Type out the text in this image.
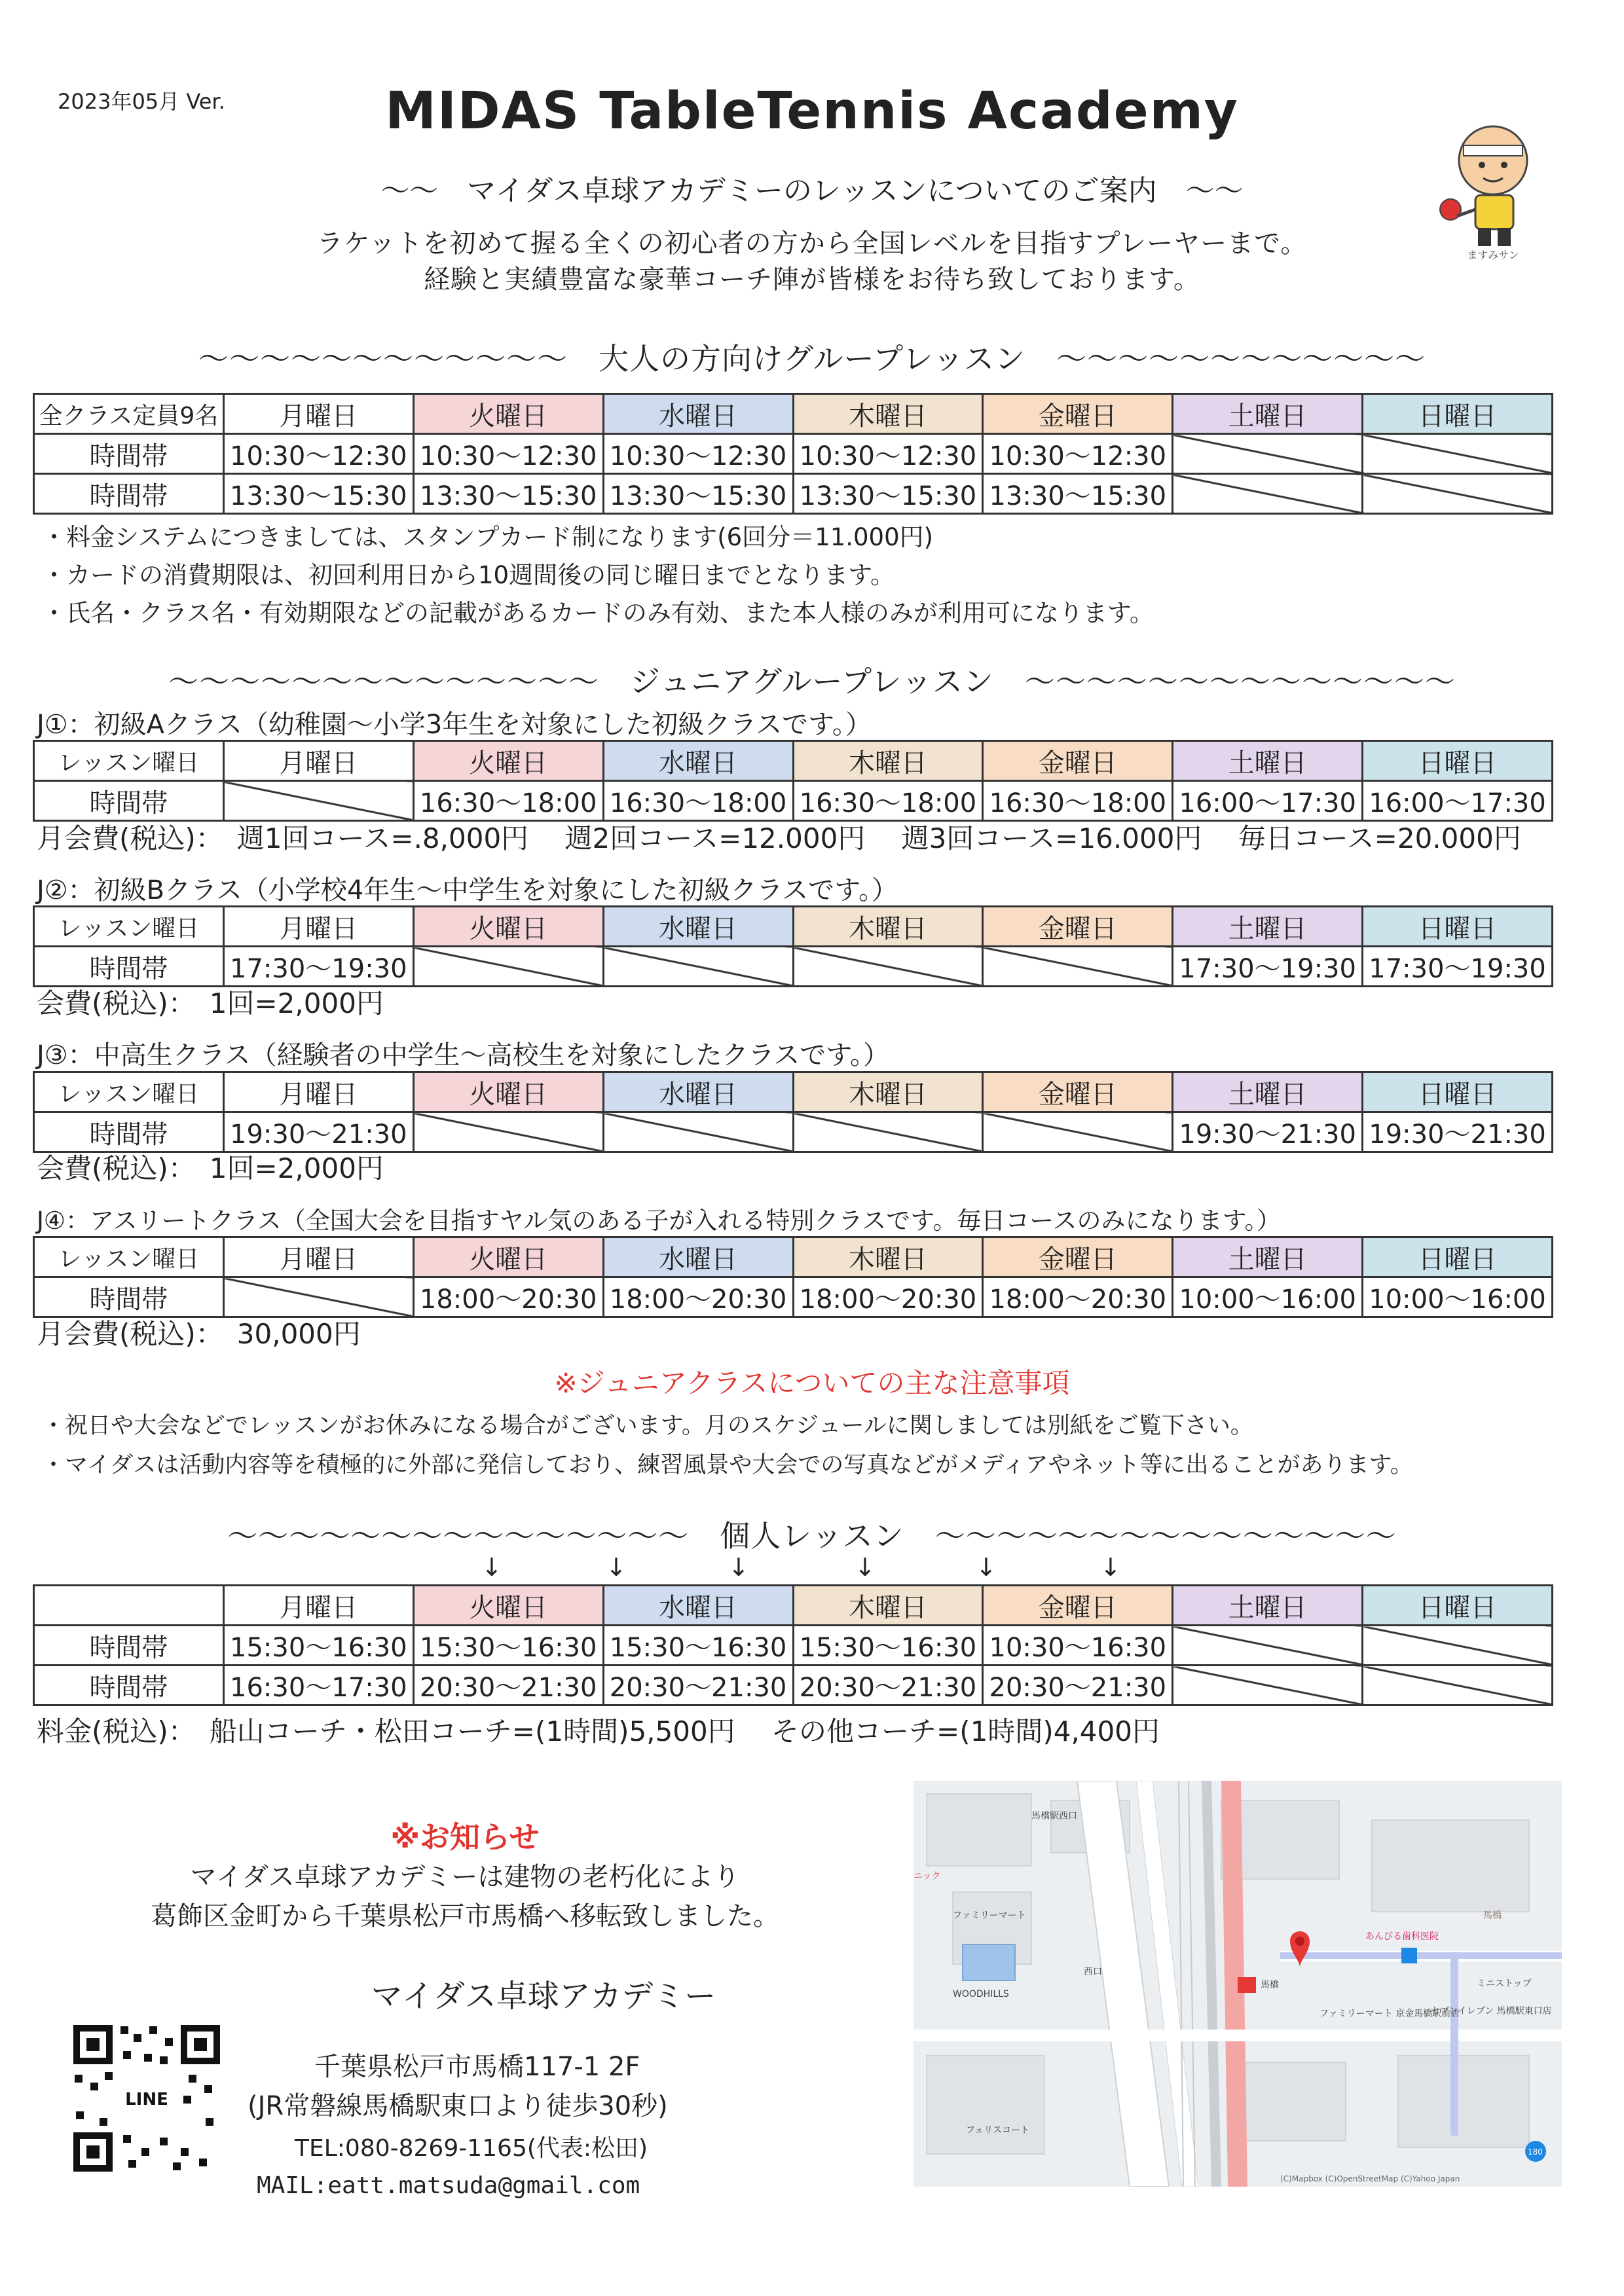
2023年05月 Ver.	MIDAS TableTennis Academy
～～　マイダス卓球アカデミーのレッスンについてのご案内　～～
ラケットを初めて握る全くの初心者の方から全国レベルを目指すプレーヤーまで。
経験と実績豊富な豪華コーチ陣が皆様をお待ち致しております。
ますみサン
～～～～～～～～～～～～　大人の方向けグループレッスン　～～～～～～～～～～～～
全クラス定員9名	月曜日	火曜日	水曜日	木曜日	金曜日	土曜日	日曜日
時間帯	10:30～12:30	10:30～12:30	10:30～12:30	10:30～12:30	10:30～12:30		
時間帯	13:30～15:30	13:30～15:30	13:30～15:30	13:30～15:30	13:30～15:30		
・料金システムにつきましては、スタンプカード制になります(6回分＝11.000円)
・カードの消費期限は、初回利用日から10週間後の同じ曜日までとなります。
・氏名・クラス名・有効期限などの記載があるカードのみ有効、また本人様のみが利用可になります。
～～～～～～～～～～～～～～　ジュニアグループレッスン　～～～～～～～～～～～～～～
J①：初級Aクラス（幼稚園～小学3年生を対象にした初級クラスです。）
レッスン曜日	月曜日	火曜日	水曜日	木曜日	金曜日	土曜日	日曜日
時間帯		16:30～18:00	16:30～18:00	16:30～18:00	16:30～18:00	16:00～17:30	16:00～17:30
月会費(税込)：　週1回コース=.8,000円　 週2回コース=12.000円　 週3回コース=16.000円　 毎日コース=20.000円
J②：初級Bクラス（小学校4年生～中学生を対象にした初級クラスです。）
レッスン曜日	月曜日	火曜日	水曜日	木曜日	金曜日	土曜日	日曜日
時間帯	17:30～19:30					17:30～19:30	17:30～19:30
会費(税込)：　1回=2,000円
J③：中高生クラス（経験者の中学生～高校生を対象にしたクラスです。）
レッスン曜日	月曜日	火曜日	水曜日	木曜日	金曜日	土曜日	日曜日
時間帯	19:30～21:30					19:30～21:30	19:30～21:30
会費(税込)：　1回=2,000円
J④：アスリートクラス（全国大会を目指すヤル気のある子が入れる特別クラスです。毎日コースのみになります。）
レッスン曜日	月曜日	火曜日	水曜日	木曜日	金曜日	土曜日	日曜日
時間帯		18:00～20:30	18:00～20:30	18:00～20:30	18:00～20:30	10:00～16:00	10:00～16:00
月会費(税込)：　30,000円
※ジュニアクラスについての主な注意事項
・祝日や大会などでレッスンがお休みになる場合がございます。月のスケジュールに関しましては別紙をご覧下さい。
・マイダスは活動内容等を積極的に外部に発信しており、練習風景や大会での写真などがメディアやネット等に出ることがあります。
～～～～～～～～～～～～～～～　個人レッスン　～～～～～～～～～～～～～～～
↓	↓	↓	↓	↓	↓
	月曜日	火曜日	水曜日	木曜日	金曜日	土曜日	日曜日
時間帯	15:30～16:30	15:30～16:30	15:30～16:30	15:30～16:30	10:30～16:30		
時間帯	16:30～17:30	20:30～21:30	20:30～21:30	20:30～21:30	20:30～21:30		
料金(税込)：　船山コーチ・松田コーチ=(1時間)5,500円　 その他コーチ=(1時間)4,400円
※お知らせ
マイダス卓球アカデミーは建物の老朽化により
葛飾区金町から千葉県松戸市馬橋へ移転致しました。
マイダス卓球アカデミー
LINE
千葉県松戸市馬橋117-1 2F
(JR常磐線馬橋駅東口より徒歩30秒)
TEL:080-8269-1165(代表:松田)
MAIL:eatt.matsuda@gmail.com
馬橋駅西口
馬橋
西口
ファミリーマート
ファミリーマート 京金馬橋駅前店
あんびる歯科医院
セブンイレブン 馬橋駅東口店
ミニストップ
WOODHILLS
フェリスコート
馬橋
ニック
180
(C)Mapbox (C)OpenStreetMap (C)Yahoo Japan
